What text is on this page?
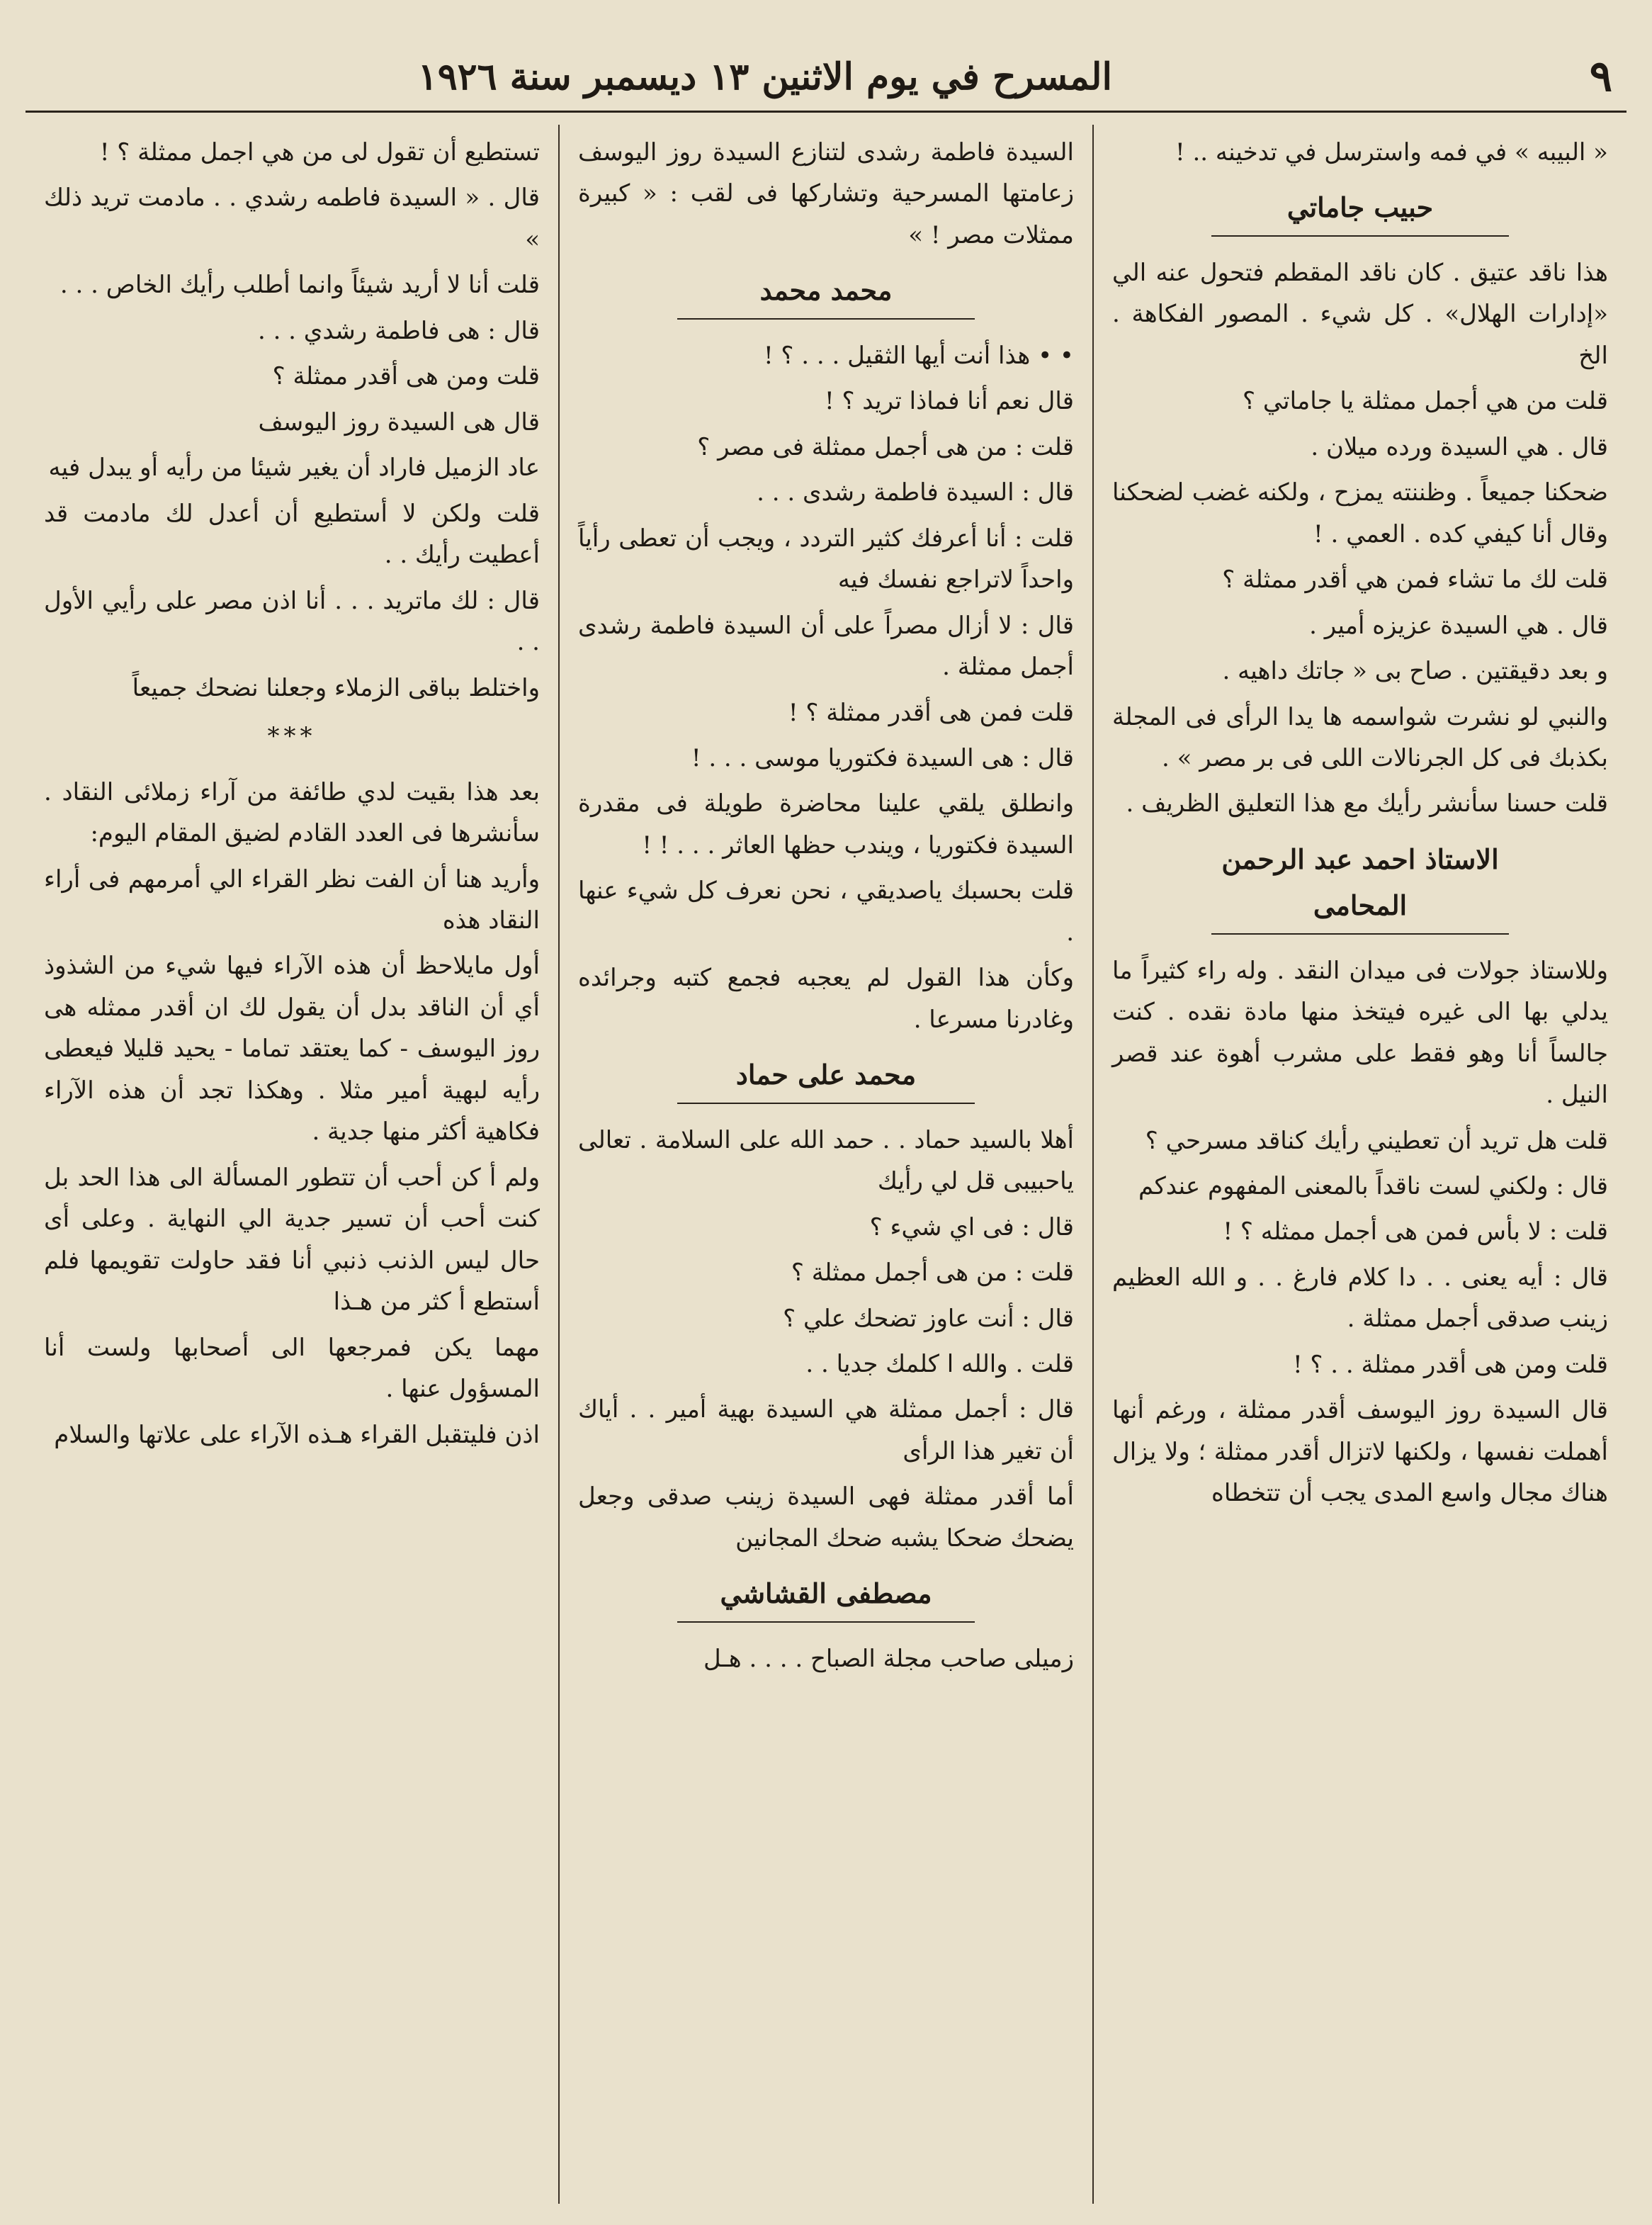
٩
المسرح في يوم الاثنين ١٣ ديسمبر سنة ١٩٢٦

« البيبه » في فمه واسترسل في تدخينه .. !

حبيب جاماتي

هذا ناقد عتيق . كان ناقد المقطم فتحول عنه الي «إدارات الهلال» . كل شيء . المصور الفكاهة . الخ

قلت من هي أجمل ممثلة يا جاماتي ؟

قال . هي السيدة ورده ميلان .

ضحكنا جميعاً . وظننته يمزح ، ولكنه غضب لضحكنا وقال أنا كيفي كده . العمي . !

قلت لك ما تشاء فمن هي أقدر ممثلة ؟

قال . هي السيدة عزيزه أمير .

و بعد دقيقتين . صاح بى « جاتك داهيه .

والنبي لو نشرت شواسمه ها يدا الرأى فى المجلة بكذبك فى كل الجرنالات اللى فى بر مصر » .

قلت حسنا سأنشر رأيك مع هذا التعليق الظريف .

الاستاذ احمد عبد الرحمن المحامى

وللاستاذ جولات فى ميدان النقد . وله راء كثيراً ما يدلي بها الى غيره فيتخذ منها مادة نقده . كنت جالساً أنا وهو فقط على مشرب أهوة عند قصر النيل .

قلت هل تريد أن تعطيني رأيك كناقد مسرحي ؟

قال : ولكني لست ناقداً بالمعنى المفهوم عندكم

قلت : لا بأس فمن هى أجمل ممثله ؟ !

قال : أيه يعنى . . دا كلام فارغ . . و الله العظيم زينب صدقى أجمل ممثلة .

قلت ومن هى أقدر ممثلة . . ؟ !

قال السيدة روز اليوسف أقدر ممثلة ، ورغم أنها أهملت نفسها ، ولكنها لاتزال أقدر ممثلة ؛ ولا يزال هناك مجال واسع المدى يجب أن تتخطاه

السيدة فاطمة رشدى لتنازع السيدة روز اليوسف زعامتها المسرحية وتشاركها فى لقب : « كبيرة ممثلات مصر ! »

محمد محمد

• • هذا أنت أيها الثقيل . . . ؟ !

قال نعم أنا فماذا تريد ؟ !

قلت : من هى أجمل ممثلة فى مصر ؟

قال : السيدة فاطمة رشدى . . .

قلت : أنا أعرفك كثير التردد ، ويجب أن تعطى رأياً واحداً لاتراجع نفسك فيه

قال : لا أزال مصراً على أن السيدة فاطمة رشدى أجمل ممثلة .

قلت فمن هى أقدر ممثلة ؟ !

قال : هى السيدة فكتوريا موسى . . . !

وانطلق يلقي علينا محاضرة طويلة فى مقدرة السيدة فكتوريا ، ويندب حظها العاثر . . . ! !

قلت بحسبك ياصديقي ، نحن نعرف كل شيء عنها .

وكأن هذا القول لم يعجبه فجمع كتبه وجرائده وغادرنا مسرعا .

محمد على حماد

أهلا بالسيد حماد . . حمد الله على السلامة . تعالى ياحبيبى قل لي رأيك

قال : فى اي شيء ؟

قلت : من هى أجمل ممثلة ؟

قال : أنت عاوز تضحك علي ؟

قلت . والله ا كلمك جديا . .

قال : أجمل ممثلة هي السيدة بهية أمير . . أياك أن تغير هذا الرأى

أما أقدر ممثلة فهى السيدة زينب صدقى وجعل يضحك ضحكا يشبه ضحك المجانين

مصطفى القشاشي

زميلى صاحب مجلة الصباح . . . . هـل

تستطيع أن تقول لى من هي اجمل ممثلة ؟ !

قال . « السيدة فاطمه رشدي . . مادمت تريد ذلك »

قلت أنا لا أريد شيئاً وانما أطلب رأيك الخاص . . .

قال : هى فاطمة رشدي . . .

قلت ومن هى أقدر ممثلة ؟

قال هى السيدة روز اليوسف

عاد الزميل فاراد أن يغير شيئا من رأيه أو يبدل فيه

قلت ولكن لا أستطيع أن أعدل لك مادمت قد أعطيت رأيك . .

قال : لك ماتريد . . . أنا اذن مصر على رأيي الأول . .

واختلط بباقى الزملاء وجعلنا نضحك جميعاً

***

بعد هذا بقيت لدي طائفة من آراء زملائى النقاد . سأنشرها فى العدد القادم لضيق المقام اليوم:

وأريد هنا أن الفت نظر القراء الي أمرمهم فى أراء النقاد هذه

أول مايلاحظ أن هذه الآراء فيها شيء من الشذوذ أي أن الناقد بدل أن يقول لك ان أقدر ممثله هى روز اليوسف - كما يعتقد تماما - يحيد قليلا فيعطى رأيه لبهية أمير مثلا . وهكذا تجد أن هذه الآراء فكاهية أكثر منها جدية .

ولم أ كن أحب أن تتطور المسألة الى هذا الحد بل كنت أحب أن تسير جدية الي النهاية . وعلى أى حال ليس الذنب ذنبي أنا فقد حاولت تقويمها فلم أستطع أ كثر من هـذا

مهما يكن فمرجعها الى أصحابها ولست أنا المسؤول عنها .

اذن فليتقبل القراء هـذه الآراء على علاتها والسلام
